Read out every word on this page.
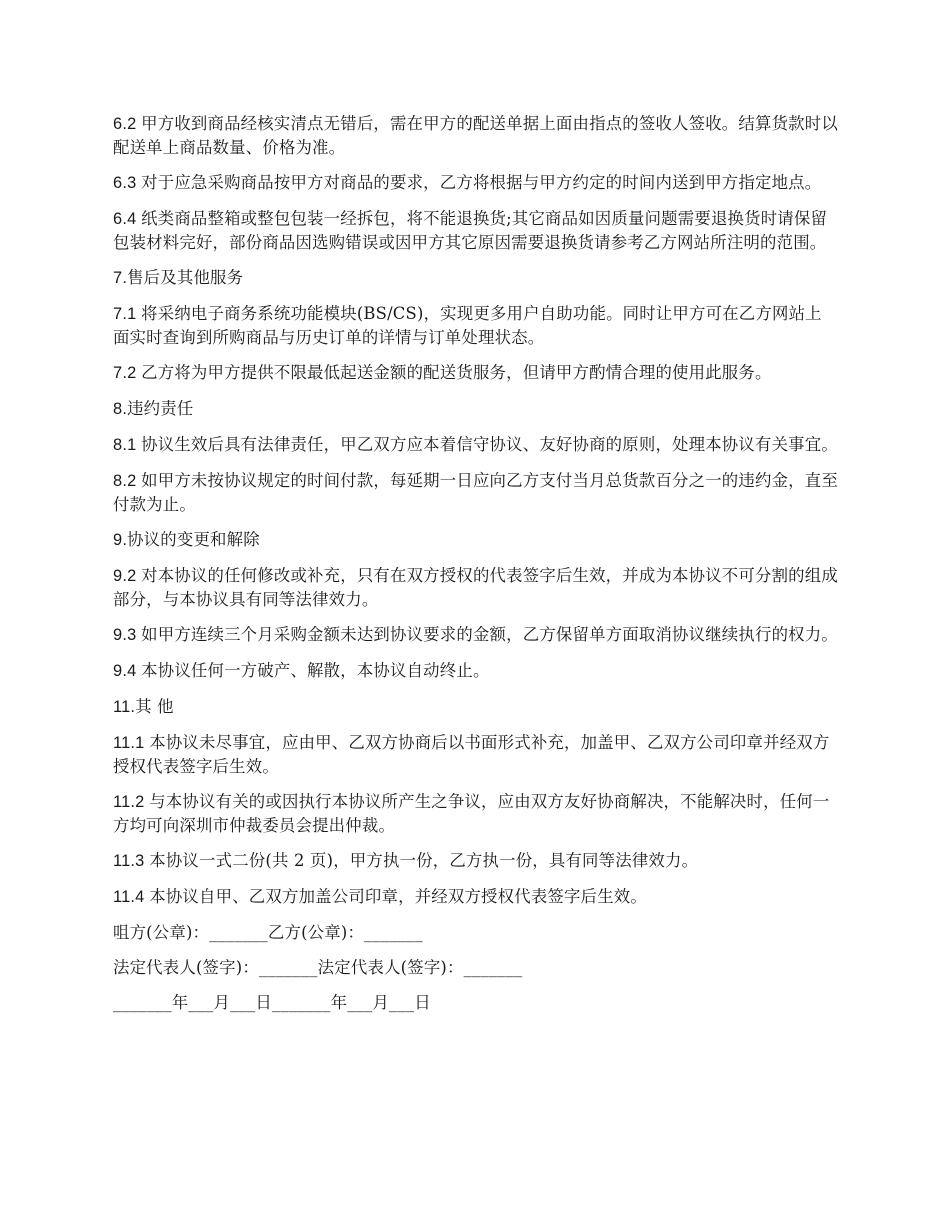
6.2 甲方收到商品经核实清点无错后，需在甲方的配送单据上面由指点的签收人签收。结算货款时以配送单上商品数量、价格为准。

6.3 对于应急采购商品按甲方对商品的要求，乙方将根据与甲方约定的时间内送到甲方指定地点。

6.4 纸类商品整箱或整包包装一经拆包，将不能退换货;其它商品如因质量问题需要退换货时请保留包装材料完好，部份商品因选购错误或因甲方其它原因需要退换货请参考乙方网站所注明的范围。

7.售后及其他服务

7.1 将采纳电子商务系统功能模块(BS/CS)，实现更多用户自助功能。同时让甲方可在乙方网站上面实时查询到所购商品与历史订单的详情与订单处理状态。

7.2 乙方将为甲方提供不限最低起送金额的配送货服务，但请甲方酌情合理的使用此服务。

8.违约责任

8.1 协议生效后具有法律责任，甲乙双方应本着信守协议、友好协商的原则，处理本协议有关事宜。

8.2 如甲方未按协议规定的时间付款，每延期一日应向乙方支付当月总货款百分之一的违约金，直至付款为止。

9.协议的变更和解除

9.2 对本协议的任何修改或补充，只有在双方授权的代表签字后生效，并成为本协议不可分割的组成部分，与本协议具有同等法律效力。

9.3 如甲方连续三个月采购金额未达到协议要求的金额，乙方保留单方面取消协议继续执行的权力。

9.4 本协议任何一方破产、解散，本协议自动终止。

11.其 他

11.1 本协议未尽事宜，应由甲、乙双方协商后以书面形式补充，加盖甲、乙双方公司印章并经双方授权代表签字后生效。

11.2 与本协议有关的或因执行本协议所产生之争议，应由双方友好协商解决，不能解决时，任何一方均可向深圳市仲裁委员会提出仲裁。

11.3 本协议一式二份(共 2 页)，甲方执一份，乙方执一份，具有同等法律效力。

11.4 本协议自甲、乙双方加盖公司印章，并经双方授权代表签字后生效。

咀方(公章)：_______乙方(公章)：_______

法定代表人(签字)：_______法定代表人(签字)：_______

_______年___月___日_______年___月___日
